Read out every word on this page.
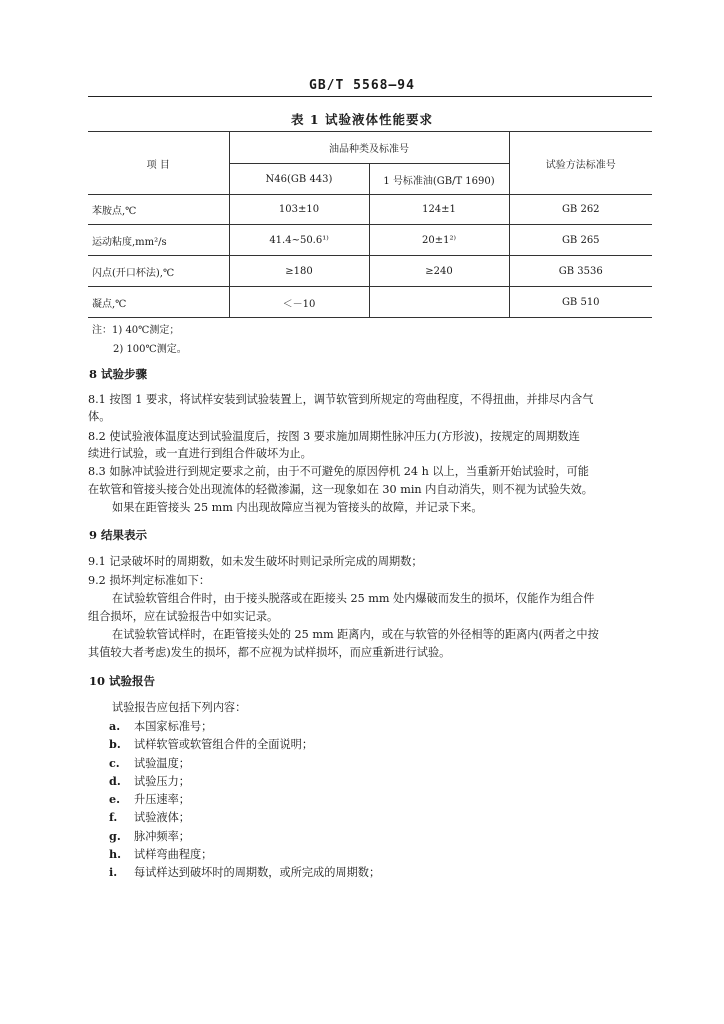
GB/T 5568—94
表 1 试验液体性能要求
项 目	油品种类及标准号		试验方法标准号
	N46(GB 443)	1 号标准油(GB/T 1690)	
苯胺点,℃	103±10	124±1	GB 262
运动粘度,mm²/s	41.4~50.6¹⁾	20±1²⁾	GB 265
闪点(开口杯法),℃	≥180	≥240	GB 3536
凝点,℃	＜－10		GB 510
注：1) 40℃测定；
2) 100℃测定。
8 试验步骤
8.1 按图 1 要求，将试样安装到试验装置上，调节软管到所规定的弯曲程度，不得扭曲，并排尽内含气
体。
8.2 使试验液体温度达到试验温度后，按图 3 要求施加周期性脉冲压力(方形波)，按规定的周期数连
续进行试验，或一直进行到组合件破坏为止。
8.3 如脉冲试验进行到规定要求之前，由于不可避免的原因停机 24 h 以上，当重新开始试验时，可能
在软管和管接头接合处出现流体的轻微渗漏，这一现象如在 30 min 内自动消失，则不视为试验失效。
如果在距管接头 25 mm 内出现故障应当视为管接头的故障，并记录下来。
9 结果表示
9.1 记录破坏时的周期数，如未发生破坏时则记录所完成的周期数；
9.2 损坏判定标准如下：
在试验软管组合件时，由于接头脱落或在距接头 25 mm 处内爆破而发生的损坏，仅能作为组合件
组合损坏，应在试验报告中如实记录。
在试验软管试样时，在距管接头处的 25 mm 距离内，或在与软管的外径相等的距离内(两者之中按
其值较大者考虑)发生的损坏，都不应视为试样损坏，而应重新进行试验。
10 试验报告
试验报告应包括下列内容：
a. 本国家标准号；
b. 试样软管或软管组合件的全面说明；
c. 试验温度；
d. 试验压力；
e. 升压速率；
f. 试验液体；
g. 脉冲频率；
h. 试样弯曲程度；
i. 每试样达到破坏时的周期数，或所完成的周期数；
